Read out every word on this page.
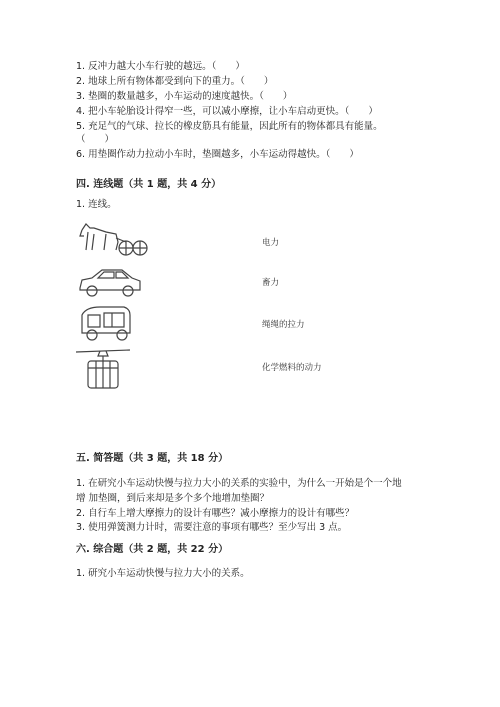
1. 反冲力越大小车行驶的越远。（　　）
2. 地球上所有物体都受到向下的重力。（　　）
3. 垫圈的数量越多，小车运动的速度越快。（　　）
4. 把小车轮胎设计得窄一些，可以减小摩擦，让小车启动更快。（　　）
5. 充足气的气球、拉长的橡皮筋具有能量，因此所有的物体都具有能量。
（　　）
6. 用垫圈作动力拉动小车时，垫圈越多，小车运动得越快。（　　）
四. 连线题（共 1 题，共 4 分）
1. 连线。
电力
畜力
绳绳的拉力
化学燃料的动力
五. 简答题（共 3 题，共 18 分）
1. 在研究小车运动快慢与拉力大小的关系的实验中，为什么一开始是个一个地
增 加垫圈，到后来却是多个多个地增加垫圈？
2. 自行车上增大摩擦力的设计有哪些？减小摩擦力的设计有哪些？
3. 使用弹簧测力计时，需要注意的事项有哪些？至少写出 3 点。
六. 综合题（共 2 题，共 22 分）
1. 研究小车运动快慢与拉力大小的关系。
